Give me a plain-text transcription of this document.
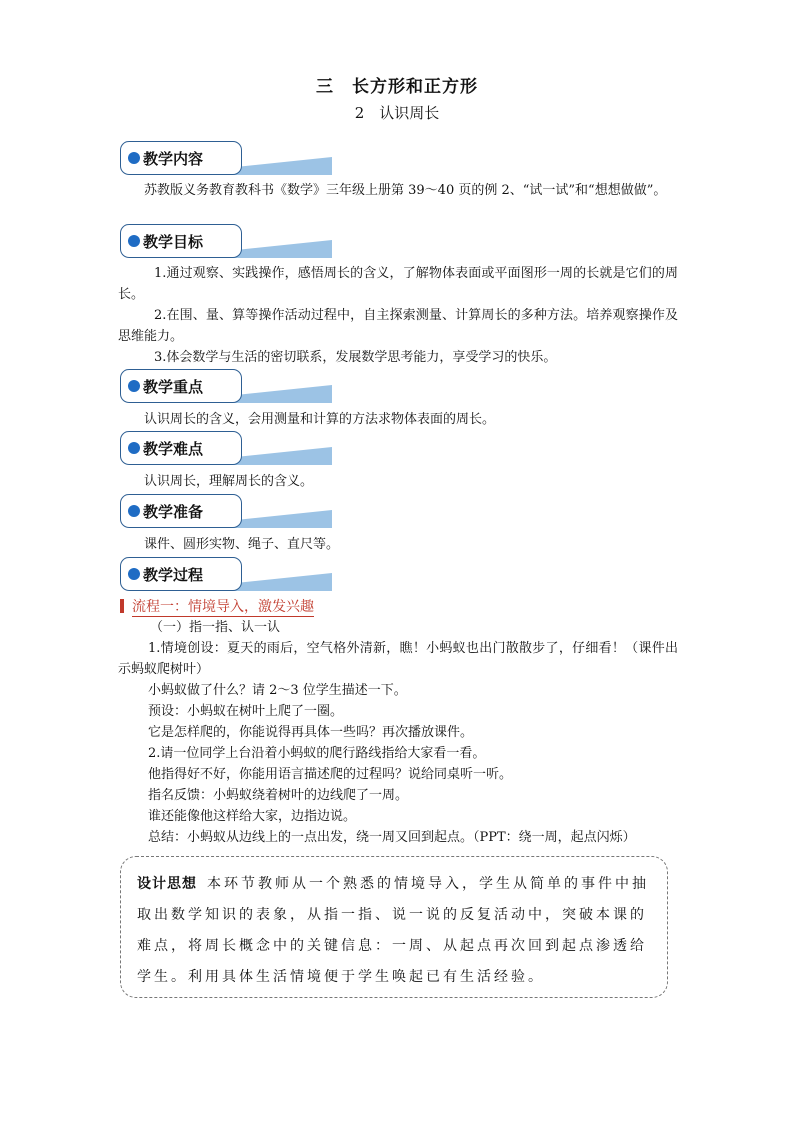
三　长方形和正方形
2　认识周长
教学内容
苏教版义务教育教科书《数学》三年级上册第 39～40 页的例 2、“试一试”和“想想做做”。
教学目标
1.通过观察、实践操作，感悟周长的含义，了解物体表面或平面图形一周的长就是它们的周长。
2.在围、量、算等操作活动过程中，自主探索测量、计算周长的多种方法。培养观察操作及思维能力。
3.体会数学与生活的密切联系，发展数学思考能力，享受学习的快乐。
教学重点
认识周长的含义，会用测量和计算的方法求物体表面的周长。
教学难点
认识周长，理解周长的含义。
教学准备
课件、圆形实物、绳子、直尺等。
教学过程
流程一：情境导入，激发兴趣
（一）指一指、认一认
1.情境创设：夏天的雨后，空气格外清新，瞧！小蚂蚁也出门散散步了，仔细看！（课件出示蚂蚁爬树叶）
小蚂蚁做了什么？请 2～3 位学生描述一下。
预设：小蚂蚁在树叶上爬了一圈。
它是怎样爬的，你能说得再具体一些吗？再次播放课件。
2.请一位同学上台沿着小蚂蚁的爬行路线指给大家看一看。
他指得好不好，你能用语言描述爬的过程吗？说给同桌听一听。
指名反馈：小蚂蚁绕着树叶的边线爬了一周。
谁还能像他这样给大家，边指边说。
总结：小蚂蚁从边线上的一点出发，绕一周又回到起点。（PPT：绕一周，起点闪烁）
设计思想 本环节教师从一个熟悉的情境导入，学生从简单的事件中抽取出数学知识的表象，从指一指、说一说的反复活动中，突破本课的难点，将周长概念中的关键信息：一周、从起点再次回到起点渗透给学生。利用具体生活情境便于学生唤起已有生活经验。
